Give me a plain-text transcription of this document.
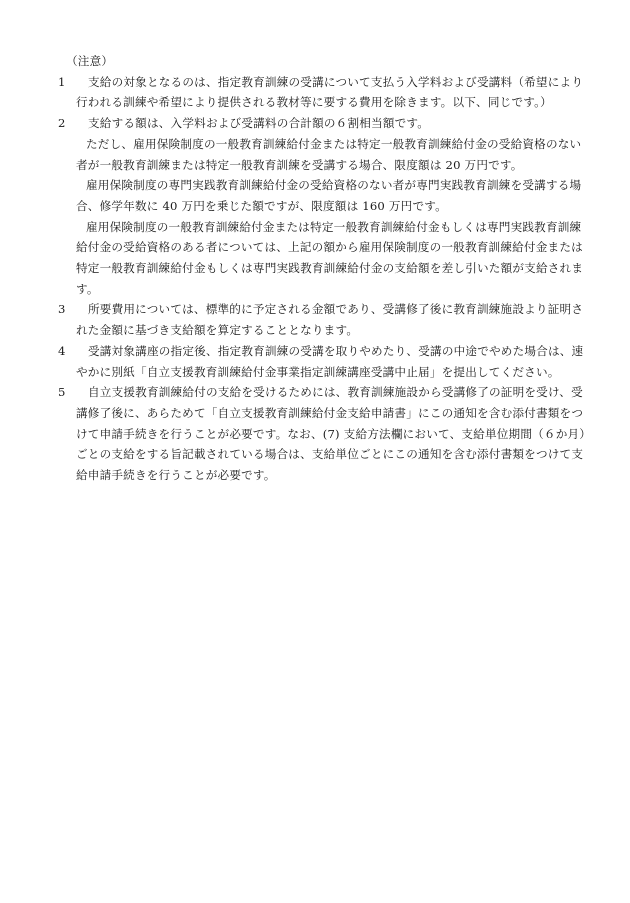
（注意）
1	支給の対象となるのは、指定教育訓練の受講について支払う入学料および受講料（希望により行われる訓練や希望により提供される教材等に要する費用を除きます。以下、同じです。）
2	支給する額は、入学料および受講料の合計額の６割相当額です。
ただし、雇用保険制度の一般教育訓練給付金または特定一般教育訓練給付金の受給資格のない者が一般教育訓練または特定一般教育訓練を受講する場合、限度額は 20 万円です。
雇用保険制度の専門実践教育訓練給付金の受給資格のない者が専門実践教育訓練を受講する場合、修学年数に 40 万円を乗じた額ですが、限度額は 160 万円です。
雇用保険制度の一般教育訓練給付金または特定一般教育訓練給付金もしくは専門実践教育訓練給付金の受給資格のある者については、上記の額から雇用保険制度の一般教育訓練給付金または特定一般教育訓練給付金もしくは専門実践教育訓練給付金の支給額を差し引いた額が支給されます。
3	所要費用については、標準的に予定される金額であり、受講修了後に教育訓練施設より証明された金額に基づき支給額を算定することとなります。
4	受講対象講座の指定後、指定教育訓練の受講を取りやめたり、受講の中途でやめた場合は、速やかに別紙「自立支援教育訓練給付金事業指定訓練講座受講中止届」を提出してください。
5	自立支援教育訓練給付の支給を受けるためには、教育訓練施設から受講修了の証明を受け、受講修了後に、あらためて「自立支援教育訓練給付金支給申請書」にこの通知を含む添付書類をつけて申請手続きを行うことが必要です。なお、(7) 支給方法欄において、支給単位期間（６か月）ごとの支給をする旨記載されている場合は、支給単位ごとにこの通知を含む添付書類をつけて支給申請手続きを行うことが必要です。
